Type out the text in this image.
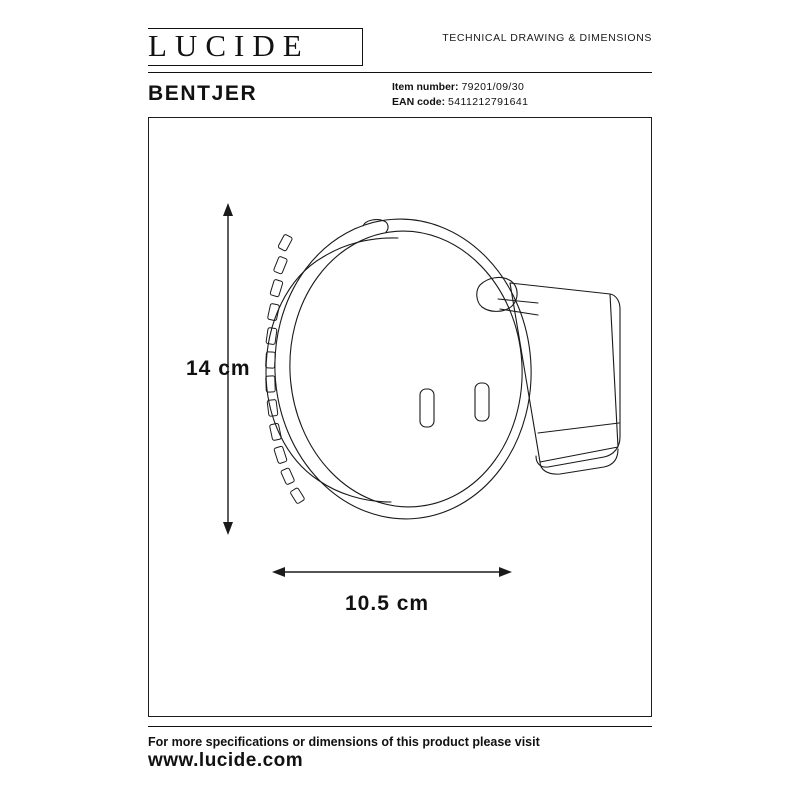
LUCIDE	TECHNICAL DRAWING & DIMENSIONS
BENTJER	Item number: 79201/09/30
EAN code: 5411212791641
14 cm
10.5 cm
For more specifications or dimensions of this product please visit
www.lucide.com
